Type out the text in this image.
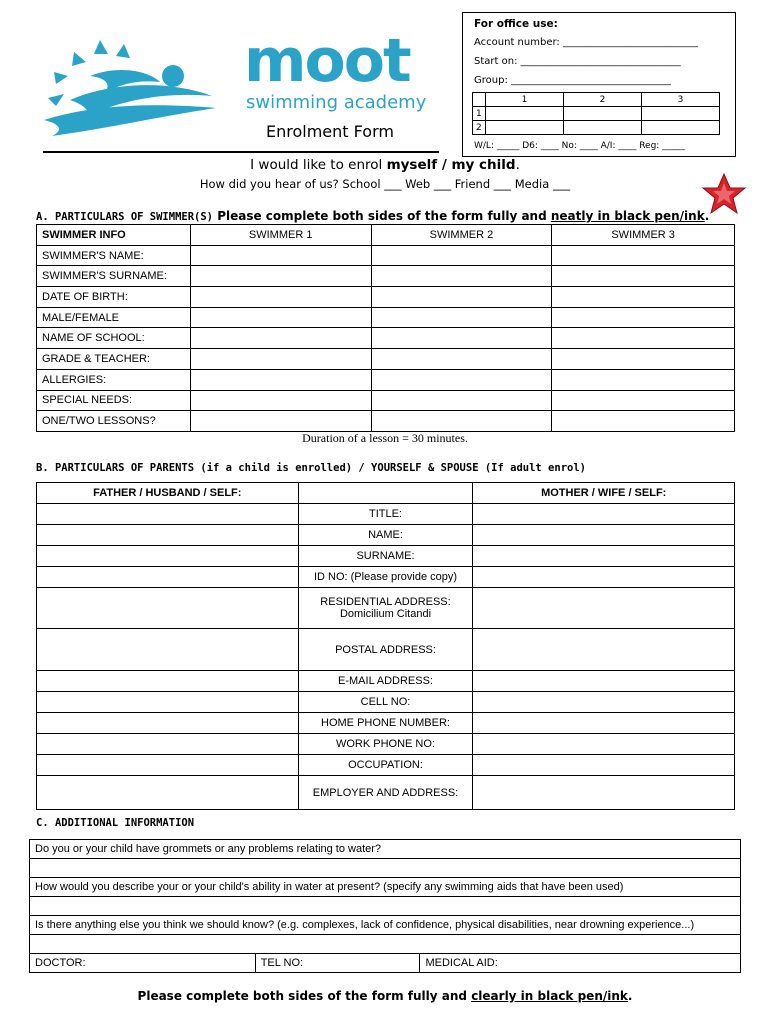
moot
swimming academy
Enrolment Form
For office use:
Account number: ___________________________
Start on: ________________________________
Group: ________________________________
	1	2	3
1			
2			
W/L: _____ D6: ____ No: ____ A/I: ____ Reg: _____
I would like to enrol myself / my child.
How did you hear of us? School ___ Web ___ Friend ___ Media ___
A. PARTICULARS OF SWIMMER(S) Please complete both sides of the form fully and neatly in black pen/ink.
SWIMMER INFO	SWIMMER 1	SWIMMER 2	SWIMMER 3
SWIMMER'S NAME:			
SWIMMER'S SURNAME:			
DATE OF BIRTH:			
MALE/FEMALE			
NAME OF SCHOOL:			
GRADE & TEACHER:			
ALLERGIES:			
SPECIAL NEEDS:			
ONE/TWO LESSONS?			
Duration of a lesson = 30 minutes.
B. PARTICULARS OF PARENTS (if a child is enrolled) / YOURSELF & SPOUSE (If adult enrol)
FATHER / HUSBAND / SELF:		MOTHER / WIFE / SELF:
	TITLE:	
	NAME:	
	SURNAME:	
	ID NO: (Please provide copy)	

	RESIDENTIAL ADDRESS:
Domicilium Citandi	

	POSTAL ADDRESS:	
	E-MAIL ADDRESS:	
	CELL NO:	
	HOME PHONE NUMBER:	
	WORK PHONE NO:	
	OCCUPATION:	
	EMPLOYER AND ADDRESS:	
C. ADDITIONAL INFORMATION
Do you or your child have grommets or any problems relating to water?

How would you describe your or your child's ability in water at present? (specify any swimming aids that have been used)

Is there anything else you think we should know? (e.g. complexes, lack of confidence, physical disabilities, near drowning experience...)

DOCTOR:	TEL NO:	MEDICAL AID:
Please complete both sides of the form fully and clearly in black pen/ink.
